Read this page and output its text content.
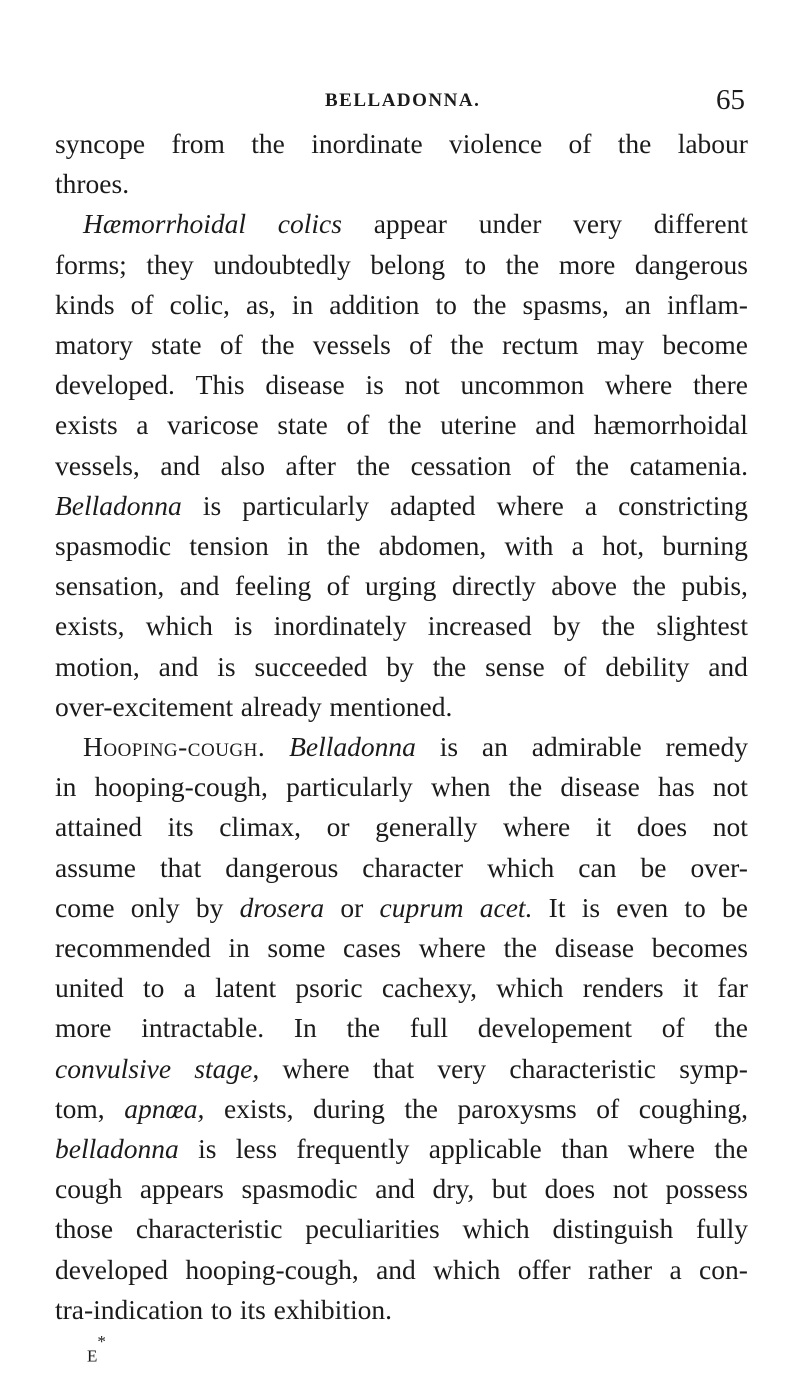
BELLADONNA.	65
syncope from the inordinate violence of the labour
throes.
Hæmorrhoidal colics appear under very different
forms; they undoubtedly belong to the more dangerous
kinds of colic, as, in addition to the spasms, an inflam-
matory state of the vessels of the rectum may become
developed. This disease is not uncommon where there
exists a varicose state of the uterine and hæmorrhoidal
vessels, and also after the cessation of the catamenia.
Belladonna is particularly adapted where a constricting
spasmodic tension in the abdomen, with a hot, burning
sensation, and feeling of urging directly above the pubis,
exists, which is inordinately increased by the slightest
motion, and is succeeded by the sense of debility and
over-excitement already mentioned.
Hooping-cough. Belladonna is an admirable remedy
in hooping-cough, particularly when the disease has not
attained its climax, or generally where it does not
assume that dangerous character which can be over-
come only by drosera or cuprum acet. It is even to be
recommended in some cases where the disease becomes
united to a latent psoric cachexy, which renders it far
more intractable. In the full developement of the
convulsive stage, where that very characteristic symp-
tom, apnœa, exists, during the paroxysms of coughing,
belladonna is less frequently applicable than where the
cough appears spasmodic and dry, but does not possess
those characteristic peculiarities which distinguish fully
developed hooping-cough, and which offer rather a con-
tra-indication to its exhibition.
E*
